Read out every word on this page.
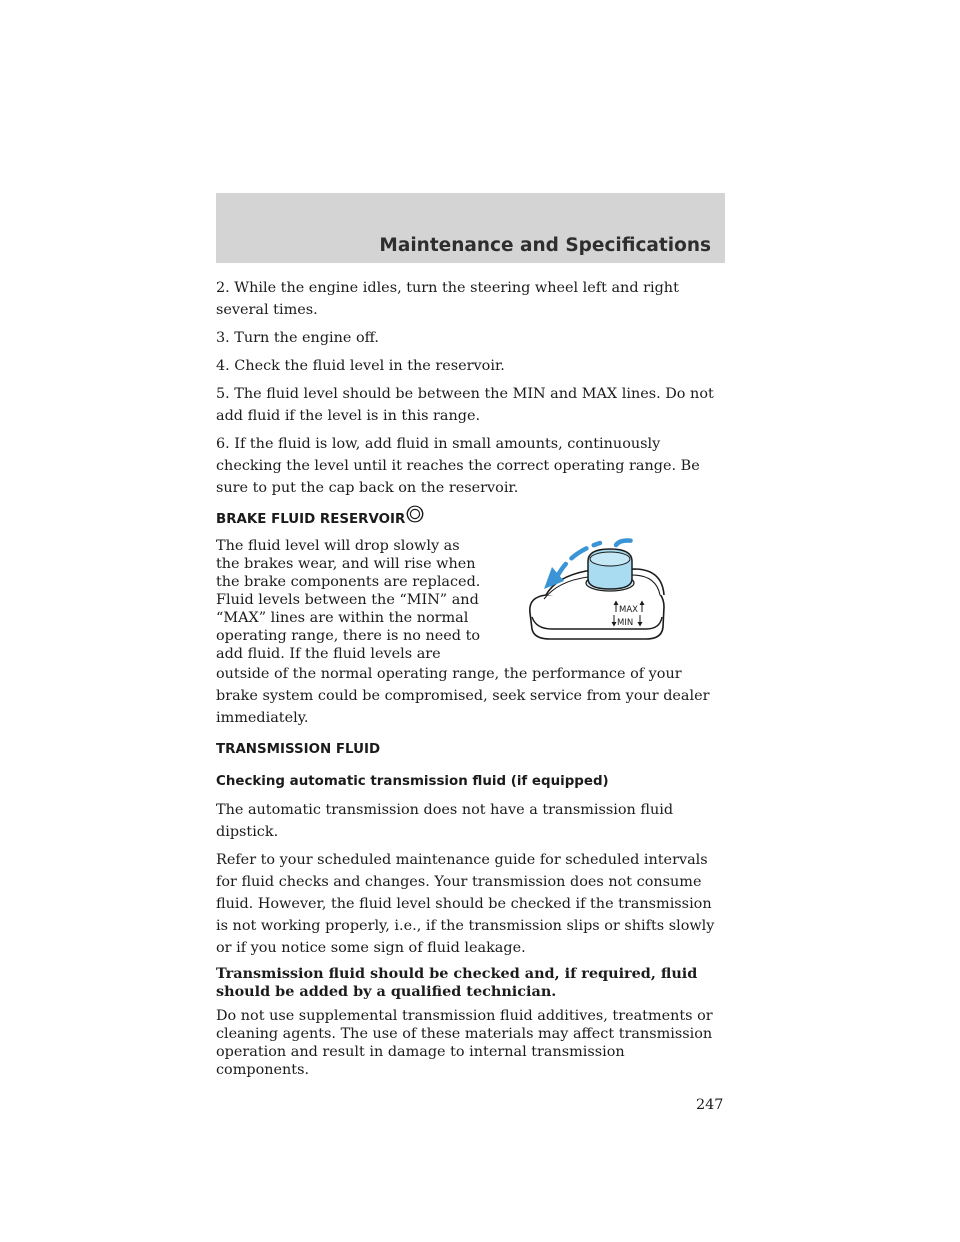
Maintenance and Specifications

2. While the engine idles, turn the steering wheel left and right several times.

3. Turn the engine off.

4. Check the fluid level in the reservoir.

5. The fluid level should be between the MIN and MAX lines. Do not add fluid if the level is in this range.

6. If the fluid is low, add fluid in small amounts, continuously checking the level until it reaches the correct operating range. Be sure to put the cap back on the reservoir.

BRAKE FLUID RESERVOIR
The fluid level will drop slowly as the brakes wear, and will rise when the brake components are replaced. Fluid levels between the “MIN” and “MAX” lines are within the normal operating range, there is no need to add fluid. If the fluid levels are

outside of the normal operating range, the performance of your brake system could be compromised, seek service from your dealer immediately.

MAX
MIN
TRANSMISSION FLUID
Checking automatic transmission fluid (if equipped)

The automatic transmission does not have a transmission fluid dipstick.

Refer to your scheduled maintenance guide for scheduled intervals for fluid checks and changes. Your transmission does not consume fluid. However, the fluid level should be checked if the transmission is not working properly, i.e., if the transmission slips or shifts slowly or if you notice some sign of fluid leakage.

Transmission fluid should be checked and, if required, fluid should be added by a qualified technician.

Do not use supplemental transmission fluid additives, treatments or cleaning agents. The use of these materials may affect transmission operation and result in damage to internal transmission components.

247
